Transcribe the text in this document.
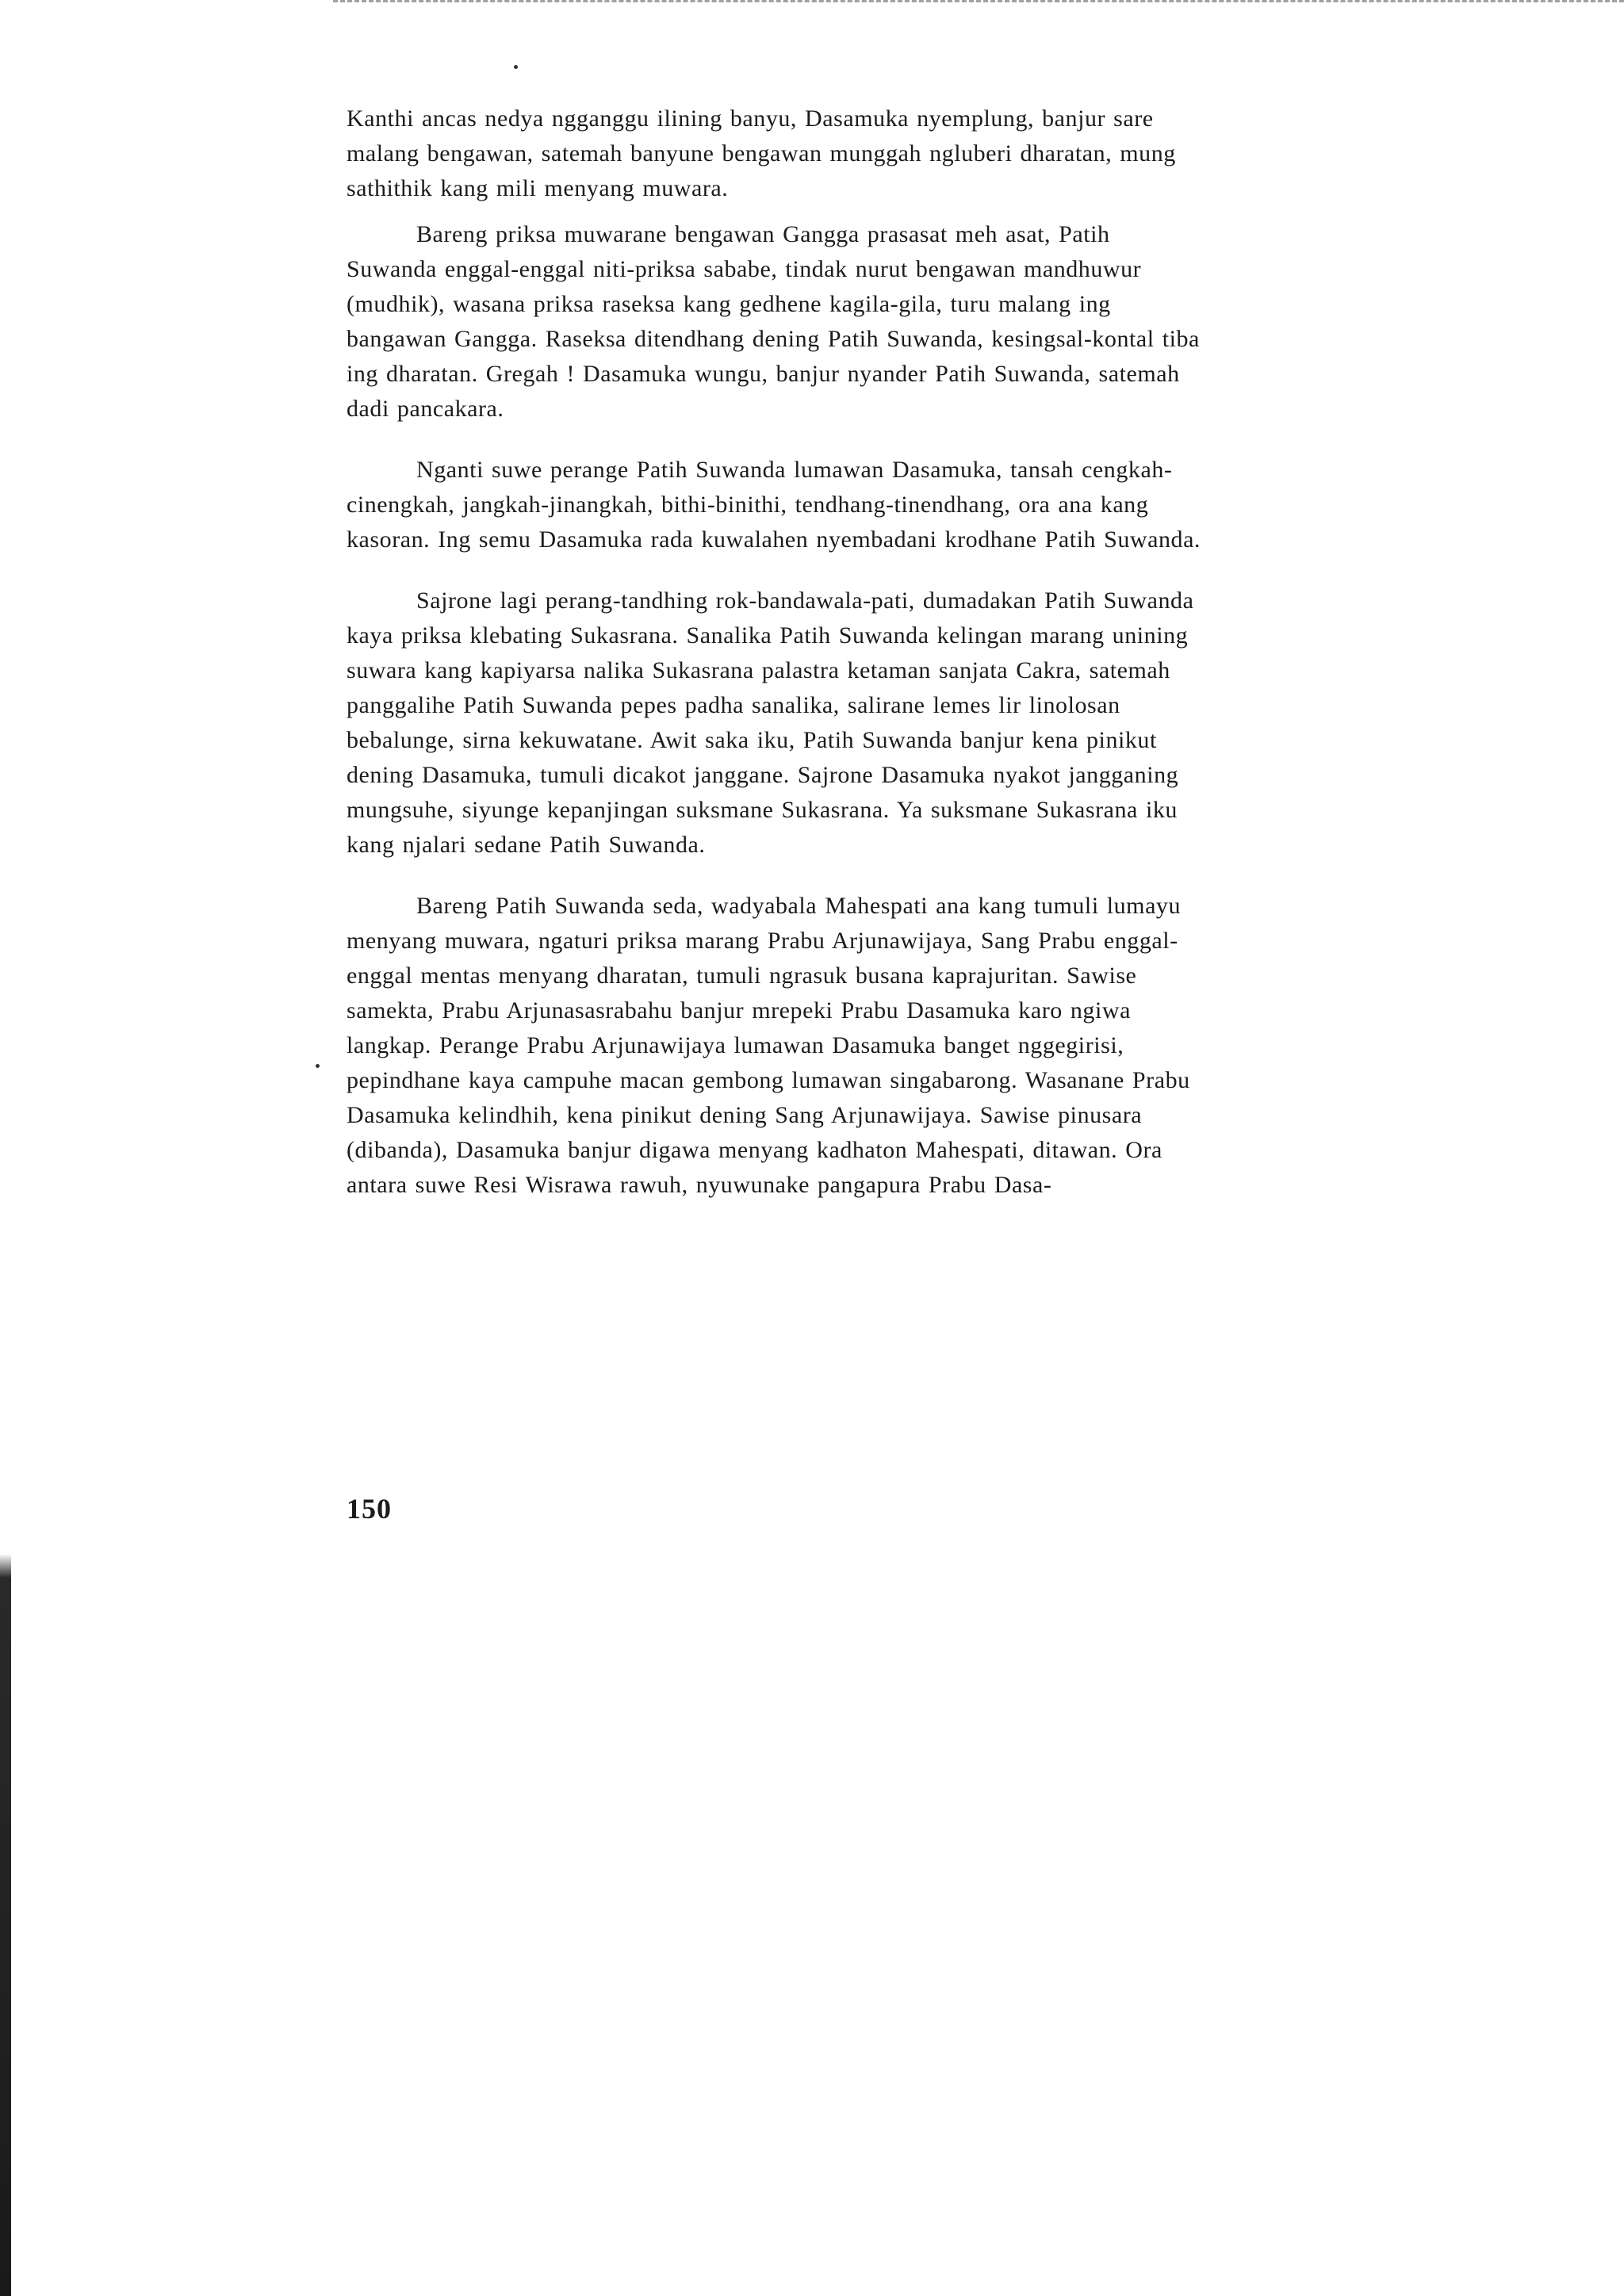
Kanthi ancas nedya ngganggu ilining banyu, Dasamuka nyemplung, banjur sare malang bengawan, satemah banyune bengawan munggah ngluberi dharatan, mung sathithik kang mili menyang muwara.

Bareng priksa muwarane bengawan Gangga prasasat meh asat, Patih Suwanda enggal-enggal niti-priksa sababe, tindak nurut bengawan mandhuwur (mudhik), wasana priksa raseksa kang gedhene kagila-gila, turu malang ing bangawan Gangga. Raseksa ditendhang dening Patih Suwanda, kesingsal-kontal tiba ing dharatan. Gregah ! Dasamuka wungu, banjur nyander Patih Suwanda, satemah dadi pancakara.

Nganti suwe perange Patih Suwanda lumawan Dasamuka, tansah cengkah-cinengkah, jangkah-jinangkah, bithi-binithi, tendhang-tinendhang, ora ana kang kasoran. Ing semu Dasamuka rada kuwalahen nyembadani krodhane Patih Suwanda.

Sajrone lagi perang-tandhing rok-bandawala-pati, dumadakan Patih Suwanda kaya priksa klebating Sukasrana. Sanalika Patih Suwanda kelingan marang unining suwara kang kapiyarsa nalika Sukasrana palastra ketaman sanjata Cakra, satemah panggalihe Patih Suwanda pepes padha sanalika, salirane lemes lir linolosan bebalunge, sirna kekuwatane. Awit saka iku, Patih Suwanda banjur kena pinikut dening Dasamuka, tumuli dicakot janggane. Sajrone Dasamuka nyakot jangganing mungsuhe, siyunge kepanjingan suksmane Sukasrana. Ya suksmane Sukasrana iku kang njalari sedane Patih Suwanda.

Bareng Patih Suwanda seda, wadyabala Mahespati ana kang tumuli lumayu menyang muwara, ngaturi priksa marang Prabu Arjunawijaya, Sang Prabu enggal-enggal mentas menyang dharatan, tumuli ngrasuk busana kaprajuritan. Sawise samekta, Prabu Arjunasasrabahu banjur mrepeki Prabu Dasamuka karo ngiwa langkap. Perange Prabu Arjunawijaya lumawan Dasamuka banget nggegirisi, pepindhane kaya campuhe macan gembong lumawan singabarong. Wasanane Prabu Dasamuka kelindhih, kena pinikut dening Sang Arjunawijaya. Sawise pinusara (dibanda), Dasamuka banjur digawa menyang kadhaton Mahespati, ditawan. Ora antara suwe Resi Wisrawa rawuh, nyuwunake pangapura Prabu Dasa-

150
